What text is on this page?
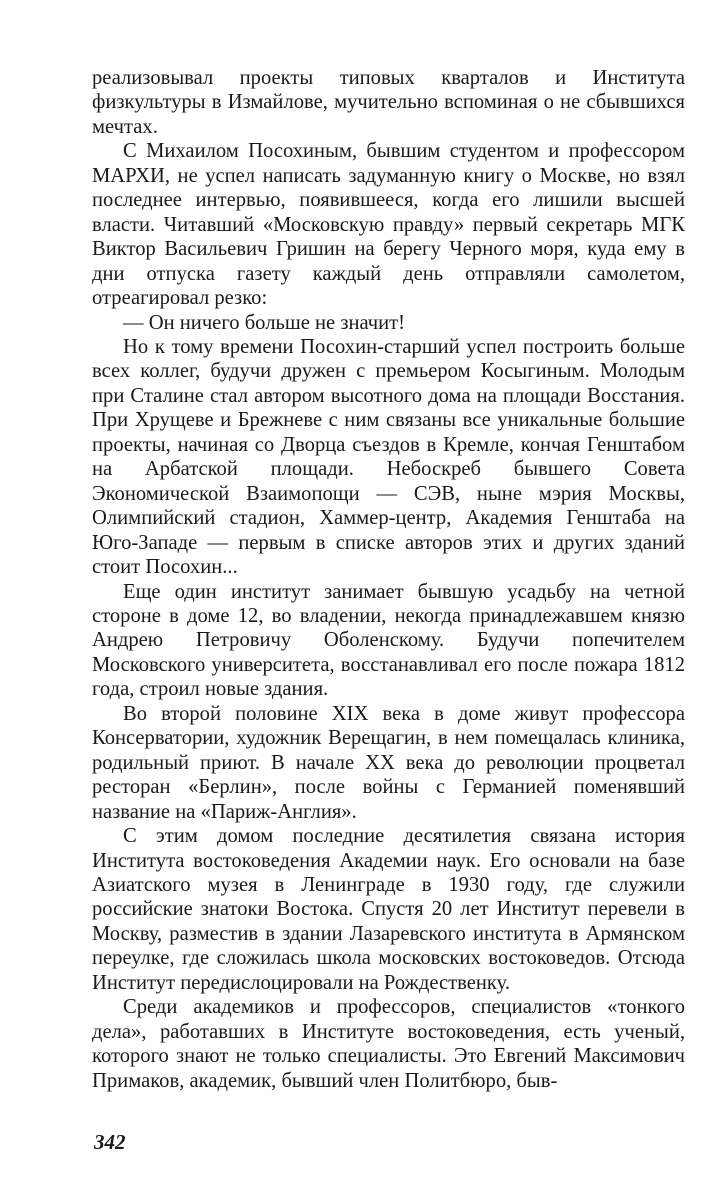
реализовывал проекты типовых кварталов и Института физкультуры в Измайлове, мучительно вспоминая о не сбывшихся мечтах.

С Михаилом Посохиным, бывшим студентом и профессором МАРХИ, не успел написать задуманную книгу о Москве, но взял последнее интервью, появившееся, когда его лишили высшей власти. Читавший «Московскую правду» первый секретарь МГК Виктор Васильевич Гришин на берегу Черного моря, куда ему в дни отпуска газету каждый день отправляли самолетом, отреагировал резко:

— Он ничего больше не значит!

Но к тому времени Посохин-старший успел построить больше всех коллег, будучи дружен с премьером Косыгиным. Молодым при Сталине стал автором высотного дома на площади Восстания. При Хрущеве и Брежневе с ним связаны все уникальные большие проекты, начиная со Дворца съездов в Кремле, кончая Генштабом на Арбатской площади. Небоскреб бывшего Совета Экономической Взаимопощи — СЭВ, ныне мэрия Москвы, Олимпийский стадион, Хаммер-центр, Академия Генштаба на Юго-Западе — первым в списке авторов этих и других зданий стоит Посохин...

Еще один институт занимает бывшую усадьбу на четной стороне в доме 12, во владении, некогда принадлежавшем князю Андрею Петровичу Оболенскому. Будучи попечителем Московского университета, восстанавливал его после пожара 1812 года, строил новые здания.

Во второй половине XIX века в доме живут профессора Консерватории, художник Верещагин, в нем помещалась клиника, родильный приют. В начале XX века до революции процветал ресторан «Берлин», после войны с Германией поменявший название на «Париж-Англия».

С этим домом последние десятилетия связана история Института востоковедения Академии наук. Его основали на базе Азиатского музея в Ленинграде в 1930 году, где служили российские знатоки Востока. Спустя 20 лет Институт перевели в Москву, разместив в здании Лазаревского института в Армянском переулке, где сложилась школа московских востоковедов. Отсюда Институт передислоцировали на Рождественку.

Среди академиков и профессоров, специалистов «тонкого дела», работавших в Институте востоковедения, есть ученый, которого знают не только специалисты. Это Евгений Максимович Примаков, академик, бывший член Политбюро, быв-

342
